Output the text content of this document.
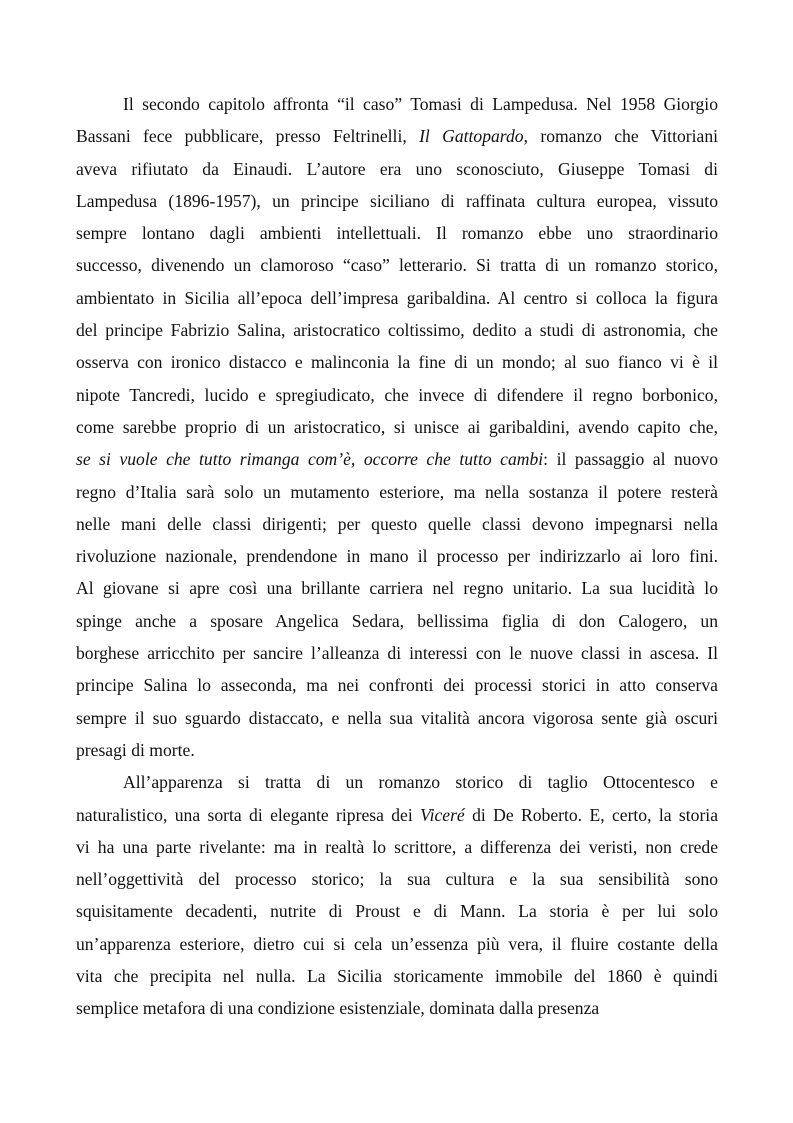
Il secondo capitolo affronta “il caso” Tomasi di Lampedusa. Nel 1958 Giorgio
Bassani fece pubblicare, presso Feltrinelli, Il Gattopardo, romanzo che Vittoriani
aveva rifiutato da Einaudi. L’autore era uno sconosciuto, Giuseppe Tomasi di
Lampedusa (1896-1957), un principe siciliano di raffinata cultura europea, vissuto
sempre lontano dagli ambienti intellettuali. Il romanzo ebbe uno straordinario
successo, divenendo un clamoroso “caso” letterario. Si tratta di un romanzo storico,
ambientato in Sicilia all’epoca dell’impresa garibaldina. Al centro si colloca la figura
del principe Fabrizio Salina, aristocratico coltissimo, dedito a studi di astronomia, che
osserva con ironico distacco e malinconia la fine di un mondo; al suo fianco vi è il
nipote Tancredi, lucido e spregiudicato, che invece di difendere il regno borbonico,
come sarebbe proprio di un aristocratico, si unisce ai garibaldini, avendo capito che,
se si vuole che tutto rimanga com’è, occorre che tutto cambi: il passaggio al nuovo
regno d’Italia sarà solo un mutamento esteriore, ma nella sostanza il potere resterà
nelle mani delle classi dirigenti; per questo quelle classi devono impegnarsi nella
rivoluzione nazionale, prendendone in mano il processo per indirizzarlo ai loro fini.
Al giovane si apre così una brillante carriera nel regno unitario. La sua lucidità lo
spinge anche a sposare Angelica Sedara, bellissima figlia di don Calogero, un
borghese arricchito per sancire l’alleanza di interessi con le nuove classi in ascesa. Il
principe Salina lo asseconda, ma nei confronti dei processi storici in atto conserva
sempre il suo sguardo distaccato, e nella sua vitalità ancora vigorosa sente già oscuri
presagi di morte.
All’apparenza si tratta di un romanzo storico di taglio Ottocentesco e
naturalistico, una sorta di elegante ripresa dei Viceré di De Roberto. E, certo, la storia
vi ha una parte rivelante: ma in realtà lo scrittore, a differenza dei veristi, non crede
nell’oggettività del processo storico; la sua cultura e la sua sensibilità sono
squisitamente decadenti, nutrite di Proust e di Mann. La storia è per lui solo
un’apparenza esteriore, dietro cui si cela un’essenza più vera, il fluire costante della
vita che precipita nel nulla. La Sicilia storicamente immobile del 1860 è quindi
semplice metafora di una condizione esistenziale, dominata dalla presenza
